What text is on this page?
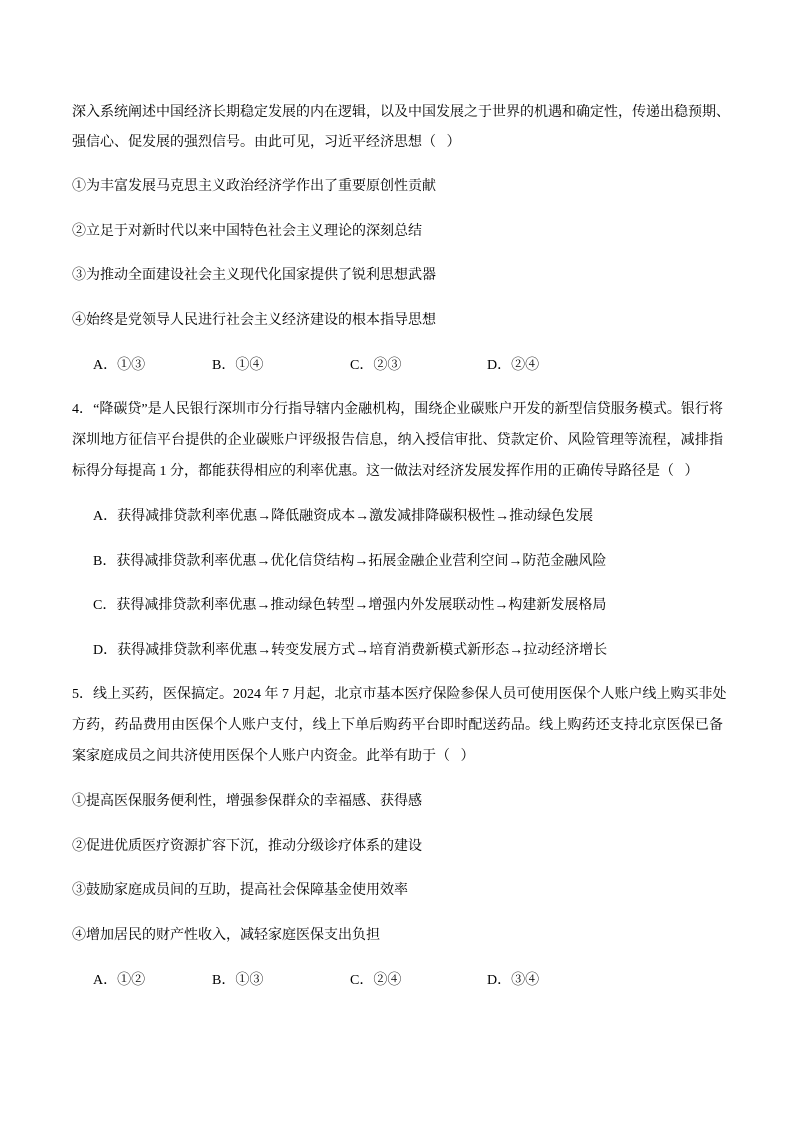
深入系统阐述中国经济长期稳定发展的内在逻辑，以及中国发展之于世界的机遇和确定性，传递出稳预期、
强信心、促发展的强烈信号。由此可见，习近平经济思想（   ）
①为丰富发展马克思主义政治经济学作出了重要原创性贡献
②立足于对新时代以来中国特色社会主义理论的深刻总结
③为推动全面建设社会主义现代化国家提供了锐利思想武器
④始终是党领导人民进行社会主义经济建设的根本指导思想
A．①③	B．①④	C．②③	D．②④
4．“降碳贷”是人民银行深圳市分行指导辖内金融机构，围绕企业碳账户开发的新型信贷服务模式。银行将
深圳地方征信平台提供的企业碳账户评级报告信息，纳入授信审批、贷款定价、风险管理等流程，减排指
标得分每提高 1 分，都能获得相应的利率优惠。这一做法对经济发展发挥作用的正确传导路径是（   ）
A．获得减排贷款利率优惠→降低融资成本→激发减排降碳积极性→推动绿色发展
B．获得减排贷款利率优惠→优化信贷结构→拓展金融企业营利空间→防范金融风险
C．获得减排贷款利率优惠→推动绿色转型→增强内外发展联动性→构建新发展格局
D．获得减排贷款利率优惠→转变发展方式→培育消费新模式新形态→拉动经济增长
5．线上买药，医保搞定。2024 年 7 月起，北京市基本医疗保险参保人员可使用医保个人账户线上购买非处
方药，药品费用由医保个人账户支付，线上下单后购药平台即时配送药品。线上购药还支持北京医保已备
案家庭成员之间共济使用医保个人账户内资金。此举有助于（   ）
①提高医保服务便利性，增强参保群众的幸福感、获得感
②促进优质医疗资源扩容下沉，推动分级诊疗体系的建设
③鼓励家庭成员间的互助，提高社会保障基金使用效率
④增加居民的财产性收入，减轻家庭医保支出负担
A．①②	B．①③	C．②④	D．③④
